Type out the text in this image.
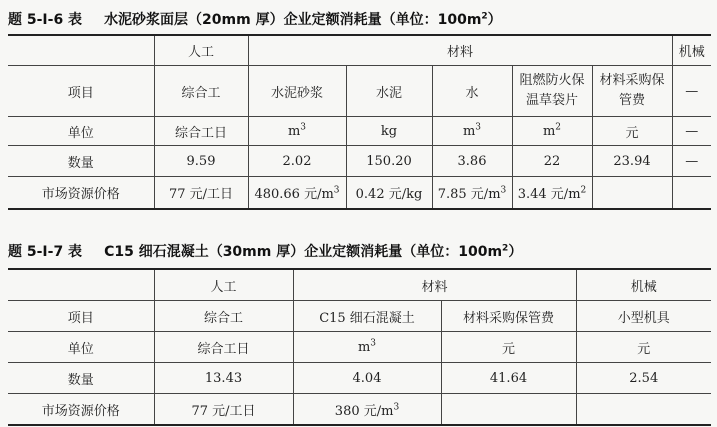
题 5-Ⅰ-6 表 水泥砂浆面层（20mm 厚）企业定额消耗量（单位：$100m^2$）
	人工	材料					机械
项目	综合工	水泥砂浆	水泥	水	阻燃防火保温草袋片	材料采购保管费	—
单位	综合工日	$m^3$	kg	$m^3$	$m^2$	元	—
数量	9.59	2.02	150.20	3.86	22	23.94	—
市场资源价格	77 元/工日	480.66 元$/m^3$	0.42 元/kg	7.85 元$/m^3$	3.44 元$/m^2$		
题 5-Ⅰ-7 表 C15 细石混凝土（30mm 厚）企业定额消耗量（单位：$100m^2$）
	人工	材料		机械
项目	综合工	C15 细石混凝土	材料采购保管费	小型机具
单位	综合工日	$m^3$	元	元
数量	13.43	4.04	41.64	2.54
市场资源价格	77 元/工日	380 元$/m^3$		
